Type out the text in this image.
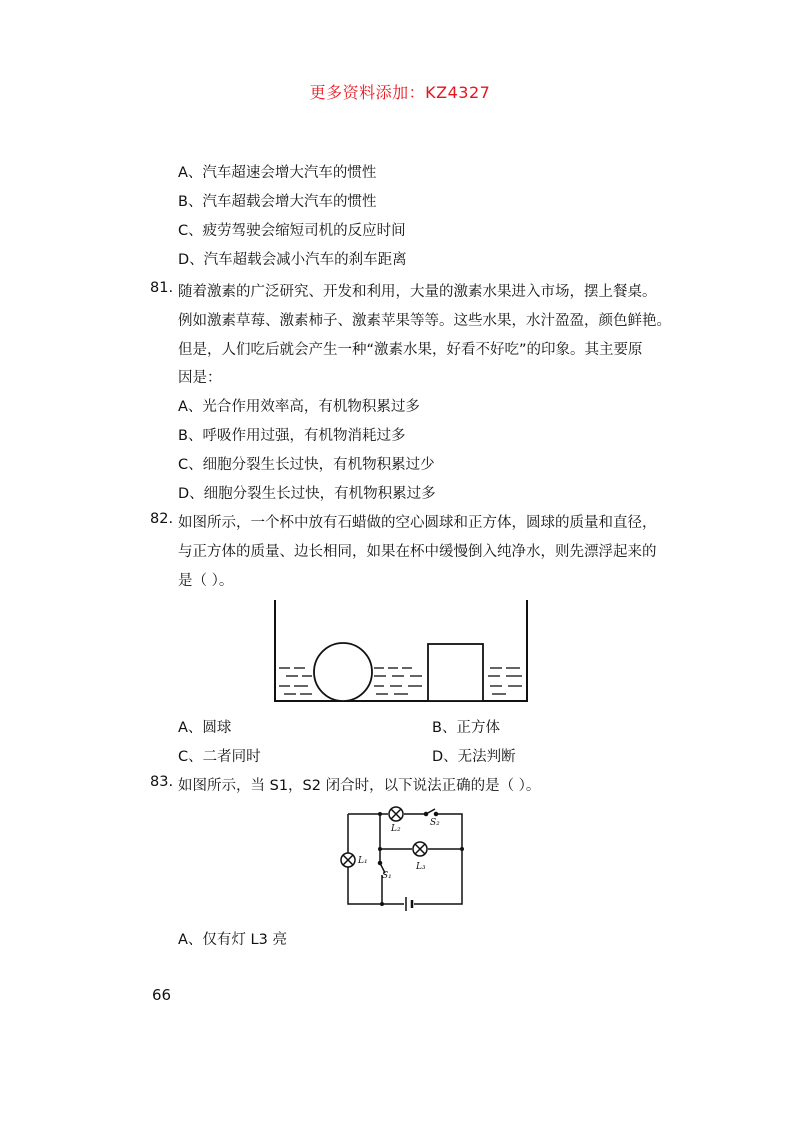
更多资料添加：KZ4327
A、汽车超速会增大汽车的惯性
B、汽车超载会增大汽车的惯性
C、疲劳驾驶会缩短司机的反应时间
D、汽车超载会减小汽车的刹车距离
81. 随着激素的广泛研究、开发和利用，大量的激素水果进入市场，摆上餐桌。
例如激素草莓、激素柿子、激素苹果等等。这些水果，水汁盈盈，颜色鲜艳。
但是，人们吃后就会产生一种“激素水果，好看不好吃”的印象。其主要原
因是：
A、光合作用效率高，有机物积累过多
B、呼吸作用过强，有机物消耗过多
C、细胞分裂生长过快，有机物积累过少
D、细胞分裂生长过快，有机物积累过多
82. 如图所示，一个杯中放有石蜡做的空心圆球和正方体，圆球的质量和直径，
与正方体的质量、边长相同，如果在杯中缓慢倒入纯净水，则先漂浮起来的
是（ ）。
A、圆球	B、正方体
C、二者同时	D、无法判断
83. 如图所示，当 S1，S2 闭合时，以下说法正确的是（ ）。
L₂
S₂
L₁
L₃
S₁
A、仅有灯 L3 亮
66
